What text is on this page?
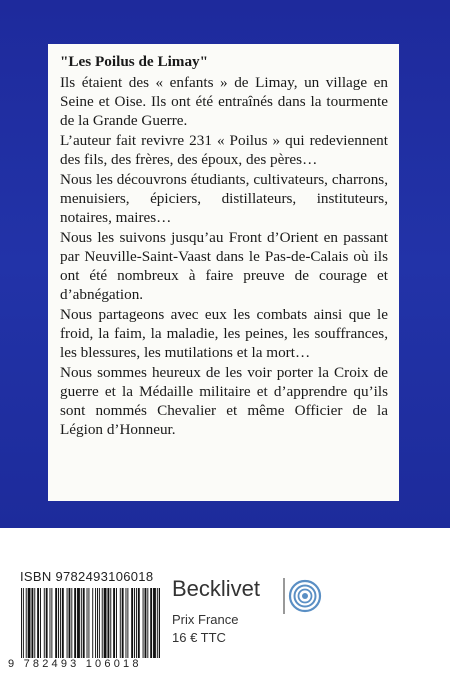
"Les Poilus de Limay"

Ils étaient des « enfants » de Limay, un village en Seine et Oise. Ils ont été entraînés dans la tourmente de la Grande Guerre.

L’auteur fait revivre 231 « Poilus » qui redeviennent des fils, des frères, des époux, des pères…

Nous les découvrons étudiants, cultivateurs, charrons, menuisiers, épiciers, distillateurs, instituteurs, notaires, maires…

Nous les suivons jusqu’au Front d’Orient en passant par Neuville-Saint-Vaast dans le Pas-de-Calais où ils ont été nombreux à faire preuve de courage et d’abnégation.

Nous partageons avec eux les combats ainsi que le froid, la faim, la maladie, les peines, les souffrances, les blessures, les mutilations et la mort…

Nous sommes heureux de les voir porter la Croix de guerre et la Médaille militaire et d’apprendre qu’ils sont nommés Chevalier et même Officier de la Légion d’Honneur.

ISBN 9782493106018
9 782493 106018
Becklivet
Prix France
16 € TTC
